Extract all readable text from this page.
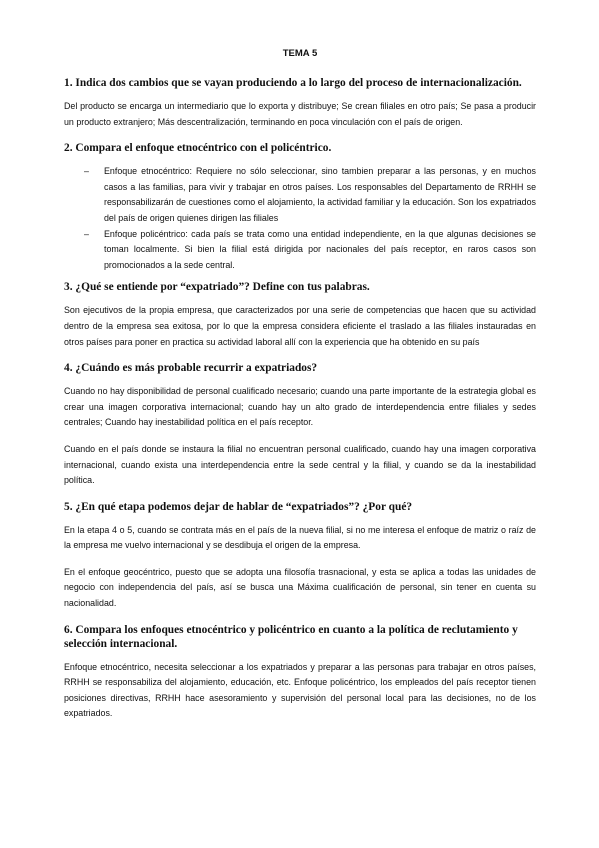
TEMA 5
1. Indica dos cambios que se vayan produciendo a lo largo del proceso de internacionalización.
Del producto se encarga un intermediario que lo exporta y distribuye; Se crean filiales en otro país; Se pasa a producir un producto extranjero; Más descentralización, terminando en poca vinculación con el país de origen.
2. Compara el enfoque etnocéntrico con el policéntrico.
– Enfoque etnocéntrico: Requiere no sólo seleccionar, sino tambien preparar a las personas, y en muchos casos a las familias, para vivir y trabajar en otros países. Los responsables del Departamento de RRHH se responsabilizarán de cuestiones como el alojamiento, la actividad familiar y la educación. Son los expatriados del país de origen quienes dirigen las filiales
– Enfoque policéntrico: cada país se trata como una entidad independiente, en la que algunas decisiones se toman localmente. Si bien la filial está dirigida por nacionales del país receptor, en raros casos son promocionados a la sede central.
3. ¿Qué se entiende por “expatriado”? Define con tus palabras.
Son ejecutivos de la propia empresa, que caracterizados por una serie de competencias que hacen que su actividad dentro de la empresa sea exitosa, por lo que la empresa considera eficiente el traslado a las filiales instauradas en otros países para poner en practica su actividad laboral allí con la experiencia que ha obtenido en su país
4. ¿Cuándo es más probable recurrir a expatriados?
Cuando no hay disponibilidad de personal cualificado necesario; cuando una parte importante de la estrategia global es crear una imagen corporativa internacional; cuando hay un alto grado de interdependencia entre filiales y sedes centrales; Cuando hay inestabilidad política en el país receptor.
Cuando en el país donde se instaura la filial no encuentran personal cualificado, cuando hay una imagen corporativa internacional, cuando exista una interdependencia entre la sede central y la filial, y cuando se da la inestabilidad política.
5. ¿En qué etapa podemos dejar de hablar de “expatriados”? ¿Por qué?
En la etapa 4 o 5, cuando se contrata más en el país de la nueva filial, si no me interesa el enfoque de matriz o raíz de la empresa me vuelvo internacional y se desdibuja el origen de la empresa.
En el enfoque geocéntrico, puesto que se adopta una filosofía trasnacional, y esta se aplica a todas las unidades de negocio con independencia del país, así se busca una Máxima cualificación de personal, sin tener en cuenta su nacionalidad.
6. Compara los enfoques etnocéntrico y policéntrico en cuanto a la política de reclutamiento y selección internacional.
Enfoque etnocéntrico, necesita seleccionar a los expatriados y preparar a las personas para trabajar en otros países, RRHH se responsabiliza del alojamiento, educación, etc. Enfoque policéntrico, los empleados del país receptor tienen posiciones directivas, RRHH hace asesoramiento y supervisión del personal local para las decisiones, no de los expatriados.
